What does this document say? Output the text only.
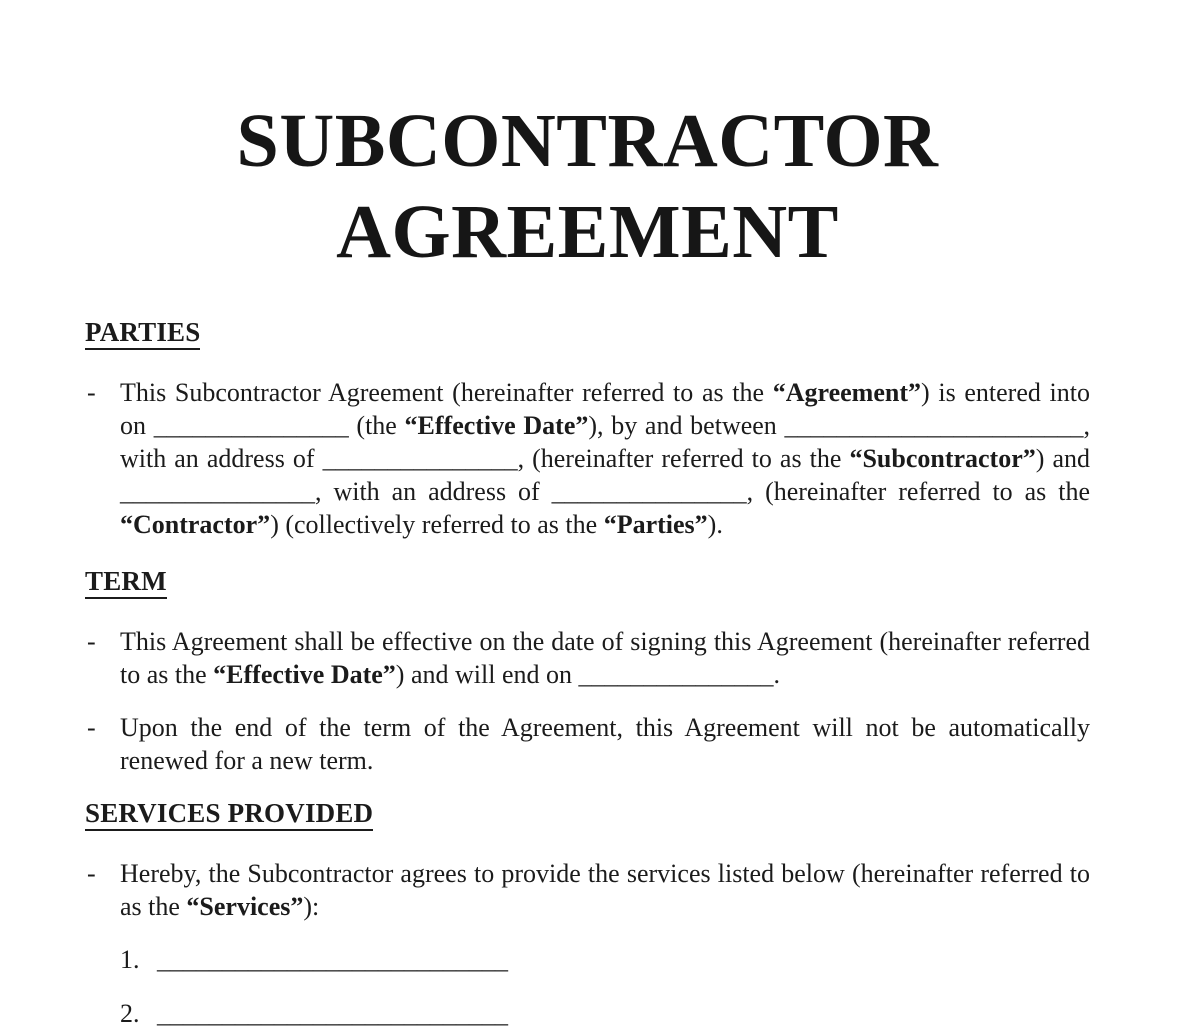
SUBCONTRACTOR
AGREEMENT
PARTIES
- This Subcontractor Agreement (hereinafter referred to as the “Agreement”) is entered into on _______________ (the “Effective Date”), by and between _______________________, with an address of _______________, (hereinafter referred to as the “Subcontractor”) and _______________, with an address of _______________, (hereinafter referred to as the “Contractor”) (collectively referred to as the “Parties”).
TERM
- This Agreement shall be effective on the date of signing this Agreement (hereinafter referred to as the “Effective Date”) and will end on _______________.
- Upon the end of the term of the Agreement, this Agreement will not be automatically renewed for a new term.
SERVICES PROVIDED
- Hereby, the Subcontractor agrees to provide the services listed below (hereinafter referred to as the “Services”):
1. ___________________________
2. ___________________________
